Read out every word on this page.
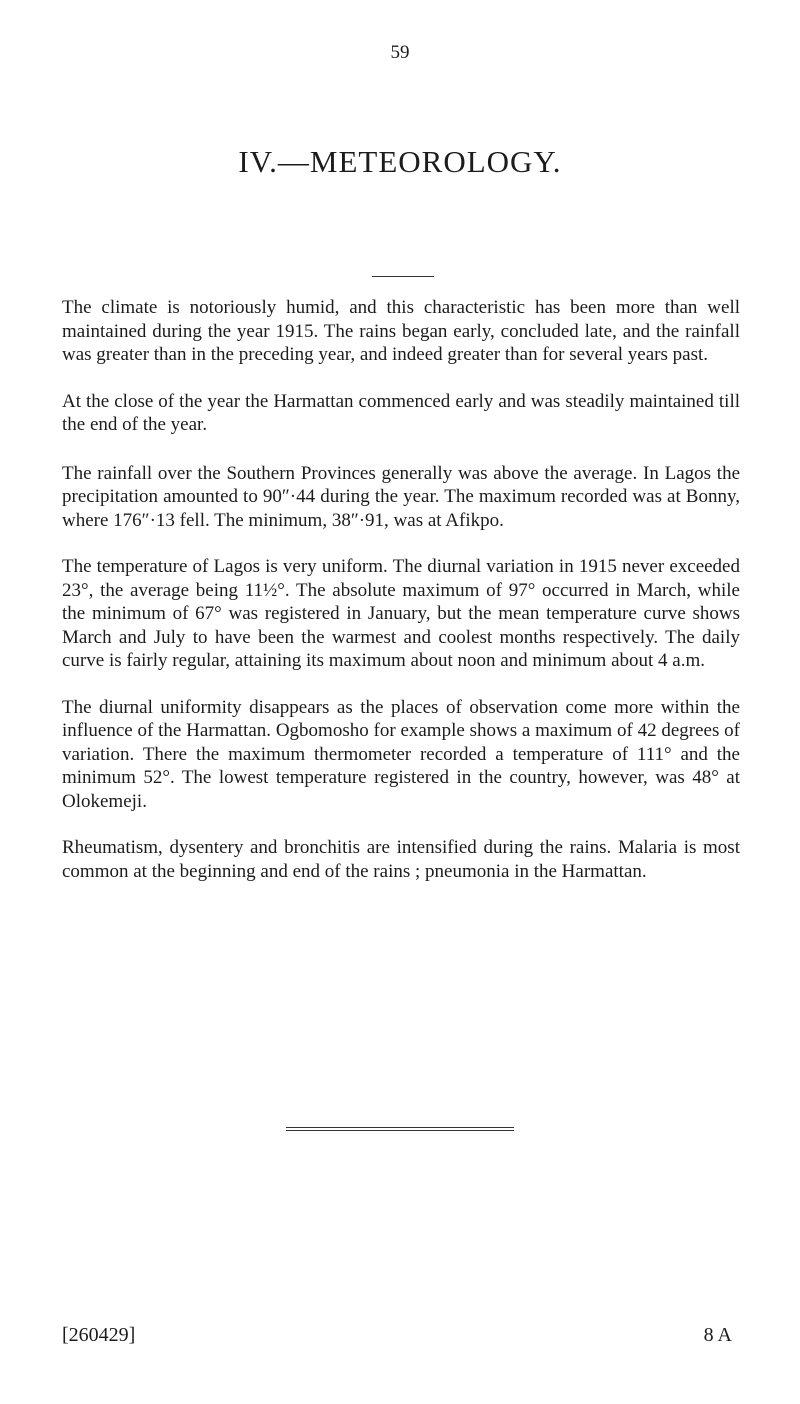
59
IV.—METEOROLOGY.

The climate is notoriously humid, and this characteristic has been more than well maintained during the year 1915. The rains began early, concluded late, and the rainfall was greater than in the preceding year, and indeed greater than for several years past.

At the close of the year the Harmattan commenced early and was steadily maintained till the end of the year.

The rainfall over the Southern Provinces generally was above the average. In Lagos the precipitation amounted to 90″·44 during the year. The maximum recorded was at Bonny, where 176″·13 fell. The minimum, 38″·91, was at Afikpo.

The temperature of Lagos is very uniform. The diurnal variation in 1915 never exceeded 23°, the average being 11½°. The absolute maximum of 97° occurred in March, while the minimum of 67° was registered in January, but the mean temperature curve shows March and July to have been the warmest and coolest months respectively. The daily curve is fairly regular, attaining its maximum about noon and minimum about 4 a.m.

The diurnal uniformity disappears as the places of observation come more within the influence of the Harmattan. Ogbomosho for example shows a maximum of 42 degrees of variation. There the maximum thermometer recorded a temperature of 111° and the minimum 52°. The lowest temperature registered in the country, however, was 48° at Olokemeji.

Rheumatism, dysentery and bronchitis are intensified during the rains. Malaria is most common at the beginning and end of the rains ; pneumonia in the Harmattan.

[260429]	8 A
